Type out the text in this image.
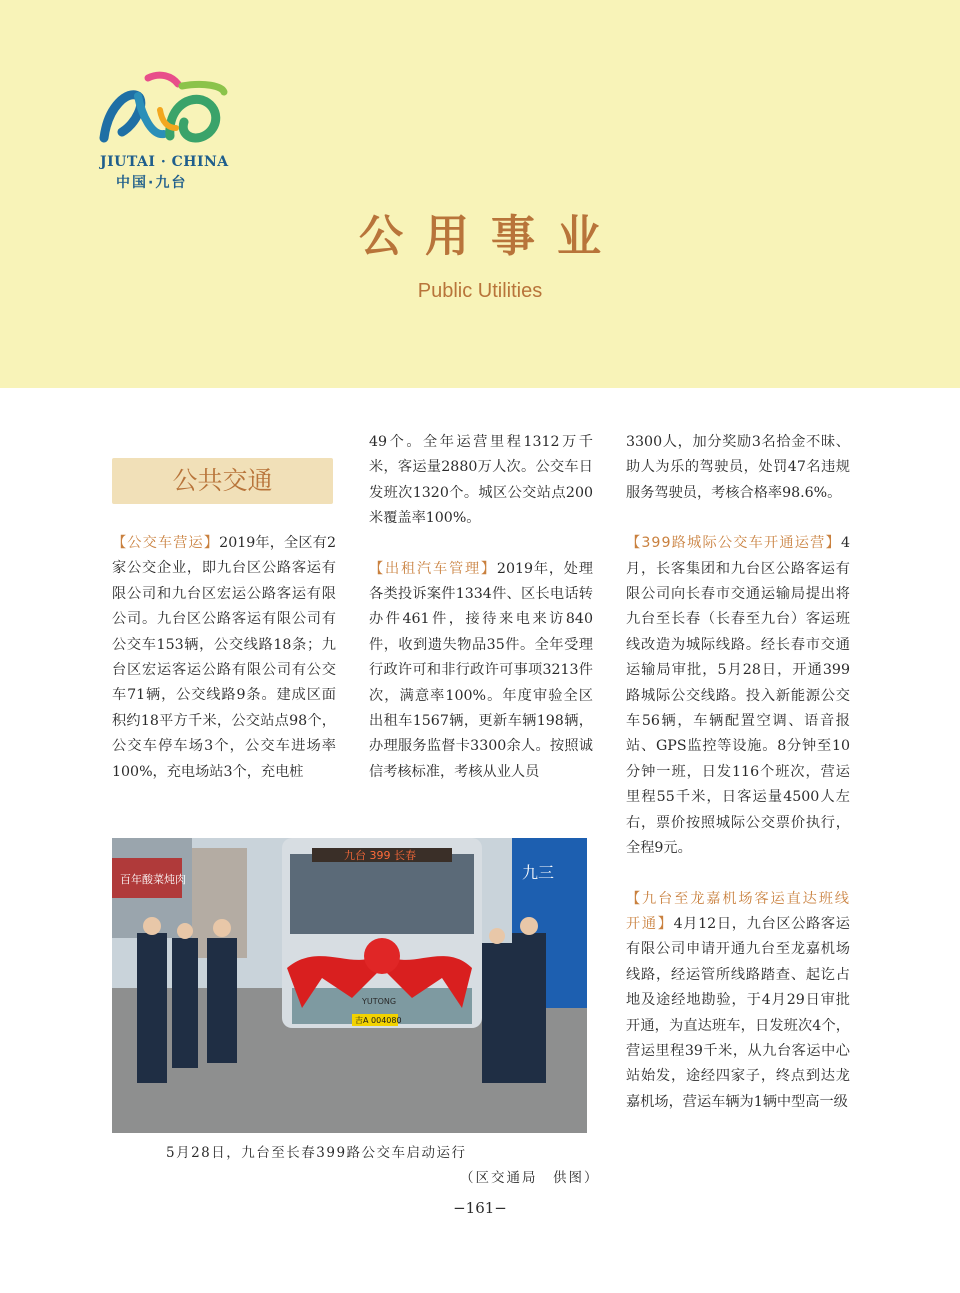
JIUTAI · CHINA
中国·九台
公用事业
Public Utilities
公共交通

【公交车营运】2019年，全区有2家公交企业，即九台区公路客运有限公司和九台区宏运公路客运有限公司。九台区公路客运有限公司有公交车153辆，公交线路18条；九台区宏运客运公路有限公司有公交车71辆，公交线路9条。建成区面积约18平方千米，公交站点98个，公交车停车场3个，公交车进场率100%，充电场站3个，充电桩

49个。全年运营里程1312万千米，客运量2880万人次。公交车日发班次1320个。城区公交站点200米覆盖率100%。

【出租汽车管理】2019年，处理各类投诉案件1334件、区长电话转办件461件，接待来电来访840件，收到遗失物品35件。全年受理行政许可和非行政许可事项3213件次，满意率100%。年度审验全区出租车1567辆，更新车辆198辆，办理服务监督卡3300余人。按照诚信考核标准，考核从业人员

3300人，加分奖励3名拾金不昧、助人为乐的驾驶员，处罚47名违规服务驾驶员，考核合格率98.6%。

【399路城际公交车开通运营】4月，长客集团和九台区公路客运有限公司向长春市交通运输局提出将九台至长春（长春至九台）客运班线改造为城际线路。经长春市交通运输局审批，5月28日，开通399路城际公交线路。投入新能源公交车56辆，车辆配置空调、语音报站、GPS监控等设施。8分钟至10分钟一班，日发116个班次，营运里程55千米，日客运量4500人左右，票价按照城际公交票价执行，全程9元。

【九台至龙嘉机场客运直达班线开通】4月12日，九台区公路客运有限公司申请开通九台至龙嘉机场线路，经运管所线路踏查、起讫占地及途经地勘验，于4月29日审批开通，为直达班车，日发班次4个，营运里程39千米，从九台客运中心站始发，途经四家子，终点到达龙嘉机场，营运车辆为1辆中型高一级

百年酸菜炖肉	九三
九台 399 长春
YUTONG
吉A 004080
5月28日，九台至长春399路公交车启动运行
（区交通局　供图）
−161−
